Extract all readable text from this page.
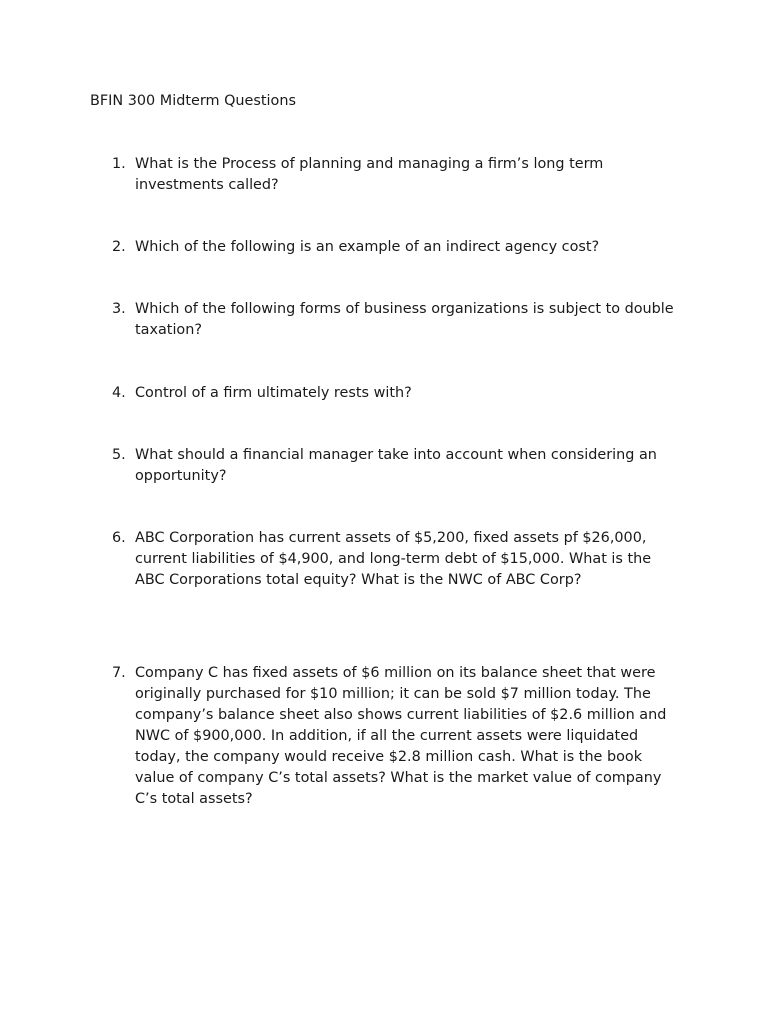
BFIN 300 Midterm Questions
1. What is the Process of planning and managing a firm’s long term investments called?
2. Which of the following is an example of an indirect agency cost?
3. Which of the following forms of business organizations is subject to double taxation?
4. Control of a firm ultimately rests with?
5. What should a financial manager take into account when considering an opportunity?
6. ABC Corporation has current assets of $5,200, fixed assets pf $26,000, current liabilities of $4,900, and long-term debt of $15,000. What is the ABC Corporations total equity? What is the NWC of ABC Corp?
7. Company C has fixed assets of $6 million on its balance sheet that were originally purchased for $10 million; it can be sold $7 million today. The company’s balance sheet also shows current liabilities of $2.6 million and NWC of $900,000. In addition, if all the current assets were liquidated today, the company would receive $2.8 million cash. What is the book value of company C’s total assets? What is the market value of company C’s total assets?
